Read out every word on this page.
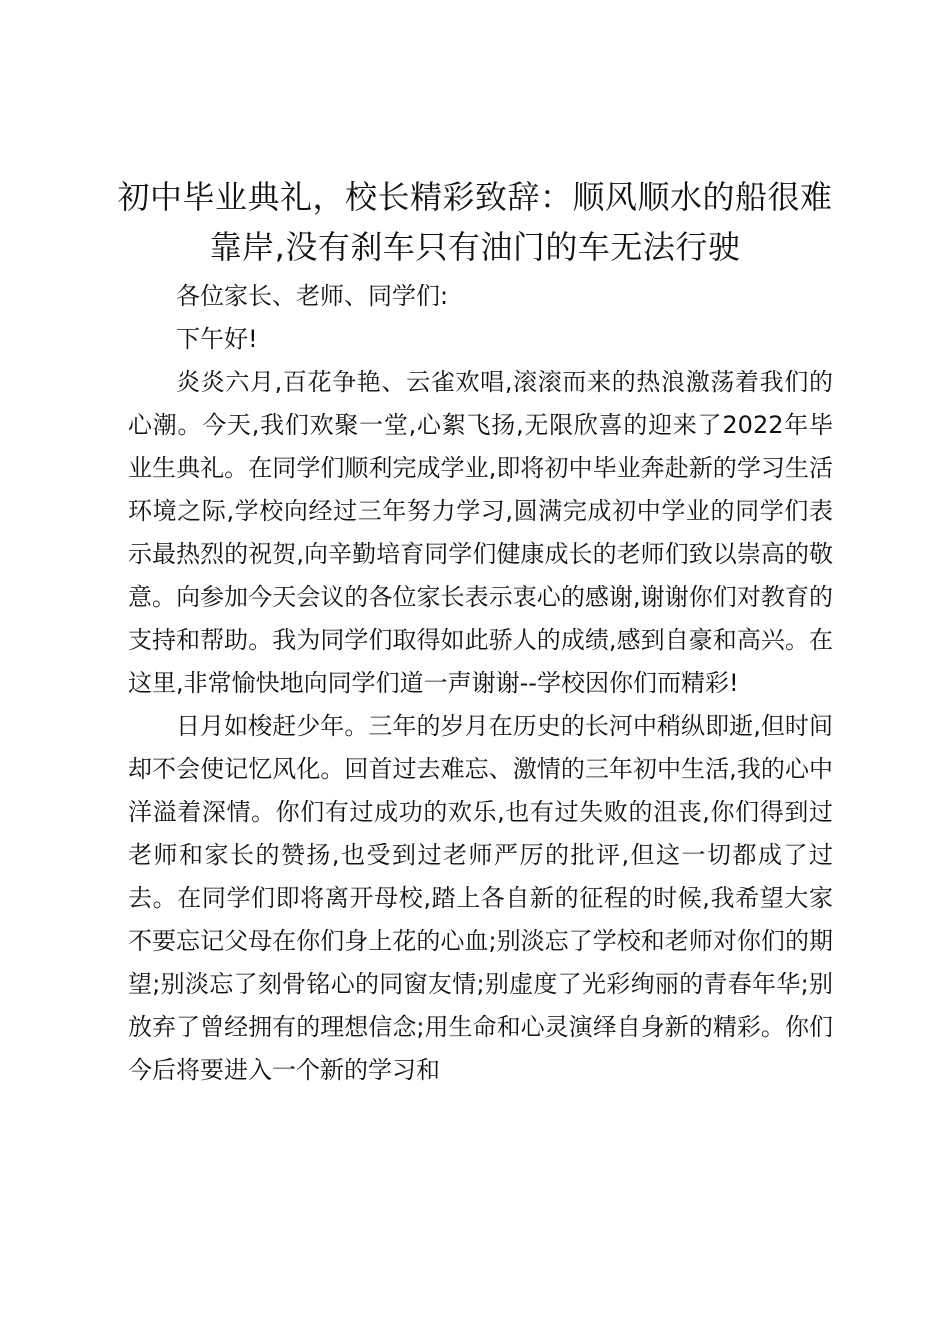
初中毕业典礼，校长精彩致辞：顺风顺水的船很难靠岸,没有刹车只有油门的车无法行驶

各位家长、老师、同学们:

下午好!

炎炎六月,百花争艳、云雀欢唱,滚滚而来的热浪激荡着我们的心潮。今天,我们欢聚一堂,心絮飞扬,无限欣喜的迎来了2022年毕业生典礼。在同学们顺利完成学业,即将初中毕业奔赴新的学习生活环境之际,学校向经过三年努力学习,圆满完成初中学业的同学们表示最热烈的祝贺,向辛勤培育同学们健康成长的老师们致以崇高的敬意。向参加今天会议的各位家长表示衷心的感谢,谢谢你们对教育的支持和帮助。我为同学们取得如此骄人的成绩,感到自豪和高兴。在这里,非常愉快地向同学们道一声谢谢--学校因你们而精彩!

日月如梭赶少年。三年的岁月在历史的长河中稍纵即逝,但时间却不会使记忆风化。回首过去难忘、激情的三年初中生活,我的心中洋溢着深情。你们有过成功的欢乐,也有过失败的沮丧,你们得到过老师和家长的赞扬,也受到过老师严厉的批评,但这一切都成了过去。在同学们即将离开母校,踏上各自新的征程的时候,我希望大家不要忘记父母在你们身上花的心血;别淡忘了学校和老师对你们的期望;别淡忘了刻骨铭心的同窗友情;别虚度了光彩绚丽的青春年华;别放弃了曾经拥有的理想信念;用生命和心灵演绎自身新的精彩。你们今后将要进入一个新的学习和
